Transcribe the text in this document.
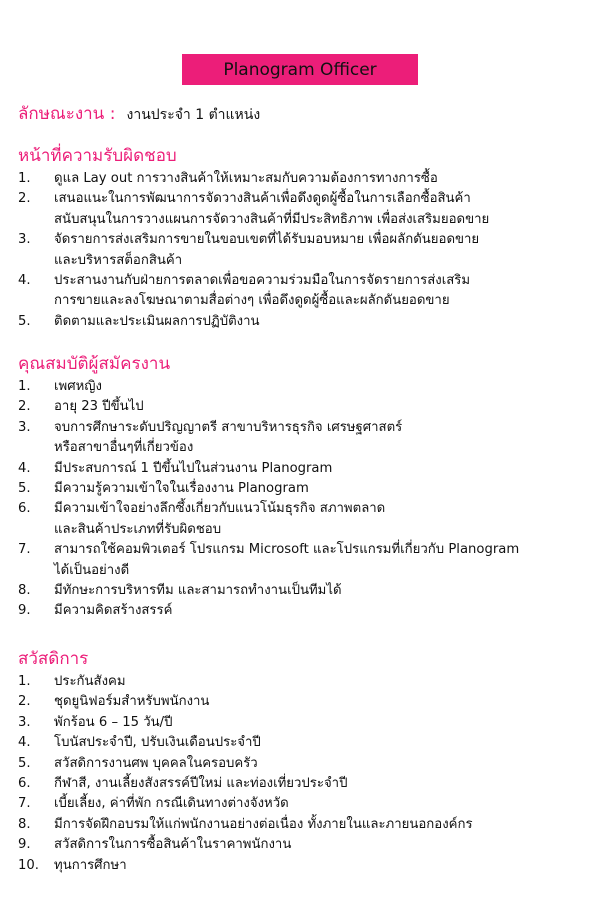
Planogram Officer
ลักษณะงาน : งานประจำ 1 ตำแหน่ง
หน้าที่ความรับผิดชอบ
1.	ดูแล Lay out การวางสินค้าให้เหมาะสมกับความต้องการทางการซื้อ
2.	เสนอแนะในการพัฒนาการจัดวางสินค้าเพื่อดึงดูดผู้ซื้อในการเลือกซื้อสินค้า
สนับสนุนในการวางแผนการจัดวางสินค้าที่มีประสิทธิภาพ เพื่อส่งเสริมยอดขาย
3.	จัดรายการส่งเสริมการขายในขอบเขตที่ได้รับมอบหมาย เพื่อผลักดันยอดขาย
และบริหารสต็อกสินค้า
4.	ประสานงานกับฝ่ายการตลาดเพื่อขอความร่วมมือในการจัดรายการส่งเสริม
การขายและลงโฆษณาตามสื่อต่างๆ เพื่อดึงดูดผู้ซื้อและผลักดันยอดขาย
5.	ติดตามและประเมินผลการปฏิบัติงาน
คุณสมบัติผู้สมัครงาน
1.	เพศหญิง
2.	อายุ 23 ปีขึ้นไป
3.	จบการศึกษาระดับปริญญาตรี สาขาบริหารธุรกิจ เศรษฐศาสตร์
หรือสาขาอื่นๆที่เกี่ยวข้อง
4.	มีประสบการณ์ 1 ปีขึ้นไปในส่วนงาน Planogram
5.	มีความรู้ความเข้าใจในเรื่องงาน Planogram
6.	มีความเข้าใจอย่างลึกซึ้งเกี่ยวกับแนวโน้มธุรกิจ สภาพตลาด
และสินค้าประเภทที่รับผิดชอบ
7.	สามารถใช้คอมพิวเตอร์ โปรแกรม Microsoft และโปรแกรมที่เกี่ยวกับ Planogram
ได้เป็นอย่างดี
8.	มีทักษะการบริหารทีม และสามารถทำงานเป็นทีมได้
9.	มีความคิดสร้างสรรค์
สวัสดิการ
1.	ประกันสังคม
2.	ชุดยูนิฟอร์มสำหรับพนักงาน
3.	พักร้อน 6 – 15 วัน/ปี
4.	โบนัสประจำปี, ปรับเงินเดือนประจำปี
5.	สวัสดิการงานศพ บุคคลในครอบครัว
6.	กีฬาสี, งานเลี้ยงสังสรรค์ปีใหม่ และท่องเที่ยวประจำปี
7.	เบี้ยเลี้ยง, ค่าที่พัก กรณีเดินทางต่างจังหวัด
8.	มีการจัดฝึกอบรมให้แก่พนักงานอย่างต่อเนื่อง ทั้งภายในและภายนอกองค์กร
9.	สวัสดิการในการซื้อสินค้าในราคาพนักงาน
10.	ทุนการศึกษา
